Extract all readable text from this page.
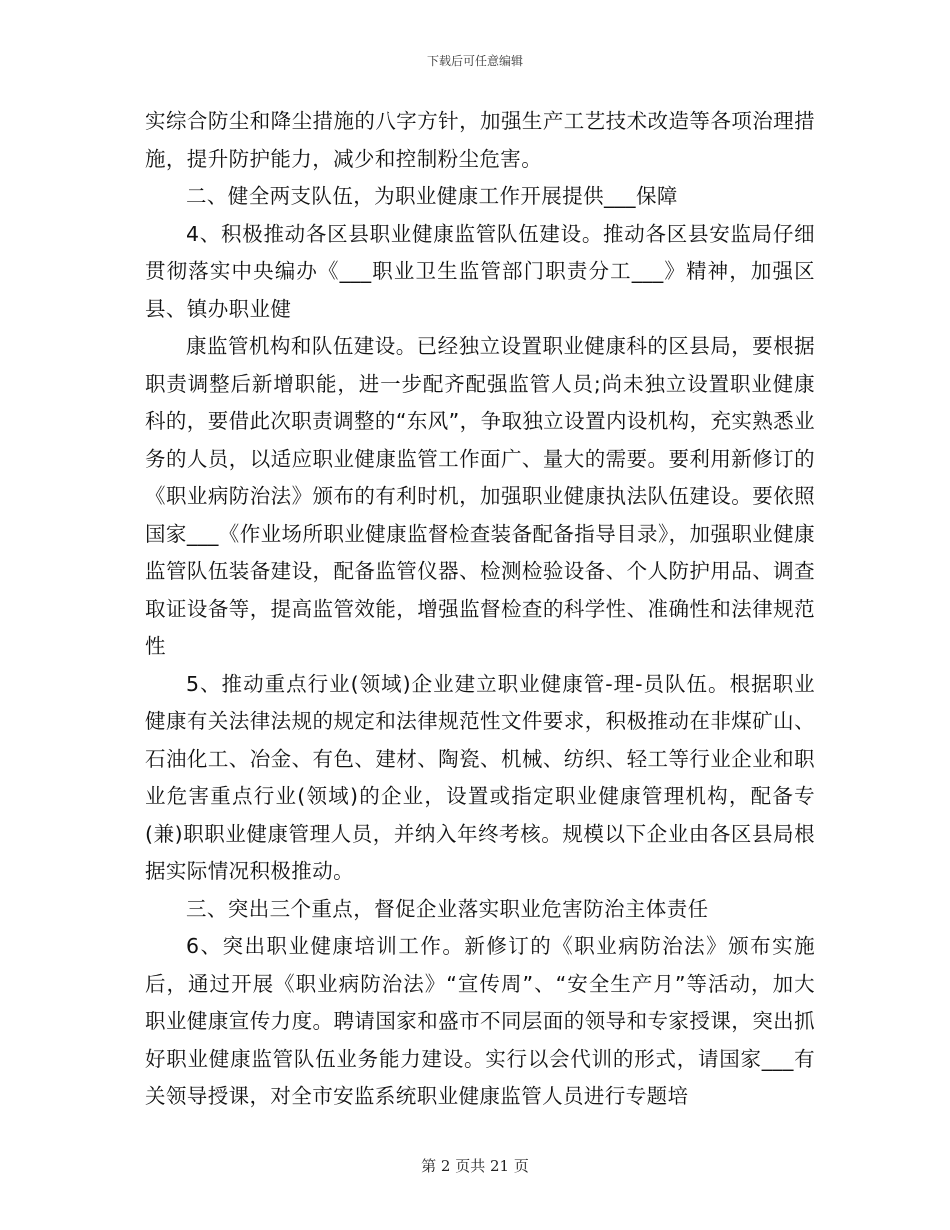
下载后可任意编辑

实综合防尘和降尘措施的八字方针，加强生产工艺技术改造等各项治理措施，提升防护能力，减少和控制粉尘危害。

二、健全两支队伍，为职业健康工作开展提供___保障

4、积极推动各区县职业健康监管队伍建设。推动各区县安监局仔细贯彻落实中央编办《___职业卫生监管部门职责分工___》精神，加强区县、镇办职业健

康监管机构和队伍建设。已经独立设置职业健康科的区县局，要根据职责调整后新增职能，进一步配齐配强监管人员;尚未独立设置职业健康科的，要借此次职责调整的“东风”，争取独立设置内设机构，充实熟悉业务的人员，以适应职业健康监管工作面广、量大的需要。要利用新修订的《职业病防治法》颁布的有利时机，加强职业健康执法队伍建设。要依照国家___《作业场所职业健康监督检查装备配备指导目录》，加强职业健康监管队伍装备建设，配备监管仪器、检测检验设备、个人防护用品、调查取证设备等，提高监管效能，增强监督检查的科学性、准确性和法律规范性

5、推动重点行业(领域)企业建立职业健康管-理-员队伍。根据职业健康有关法律法规的规定和法律规范性文件要求，积极推动在非煤矿山、石油化工、冶金、有色、建材、陶瓷、机械、纺织、轻工等行业企业和职业危害重点行业(领域)的企业，设置或指定职业健康管理机构，配备专(兼)职职业健康管理人员，并纳入年终考核。规模以下企业由各区县局根据实际情况积极推动。

三、突出三个重点，督促企业落实职业危害防治主体责任

6、突出职业健康培训工作。新修订的《职业病防治法》颁布实施后，通过开展《职业病防治法》“宣传周”、“安全生产月”等活动，加大职业健康宣传力度。聘请国家和盛市不同层面的领导和专家授课，突出抓好职业健康监管队伍业务能力建设。实行以会代训的形式，请国家___有关领导授课，对全市安监系统职业健康监管人员进行专题培

第 2 页共 21 页
